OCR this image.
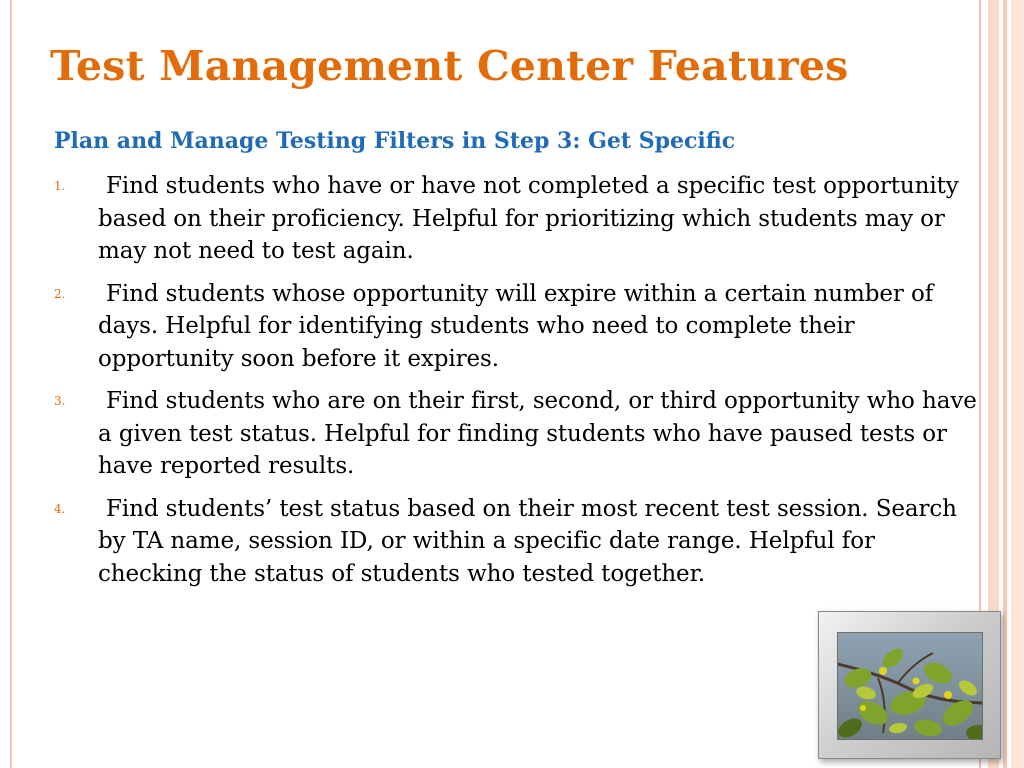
Test Management Center Features
Plan and Manage Testing Filters in Step 3: Get Specific
1.	Find students who have or have not completed a specific test opportunity based on their proficiency. Helpful for prioritizing which students may or may not need to test again.
2.	Find students whose opportunity will expire within a certain number of days. Helpful for identifying students who need to complete their opportunity soon before it expires.
3.	Find students who are on their first, second, or third opportunity who have a given test status. Helpful for finding students who have paused tests or have reported results.
4.	Find students’ test status based on their most recent test session. Search by TA name, session ID, or within a specific date range. Helpful for checking the status of students who tested together.
